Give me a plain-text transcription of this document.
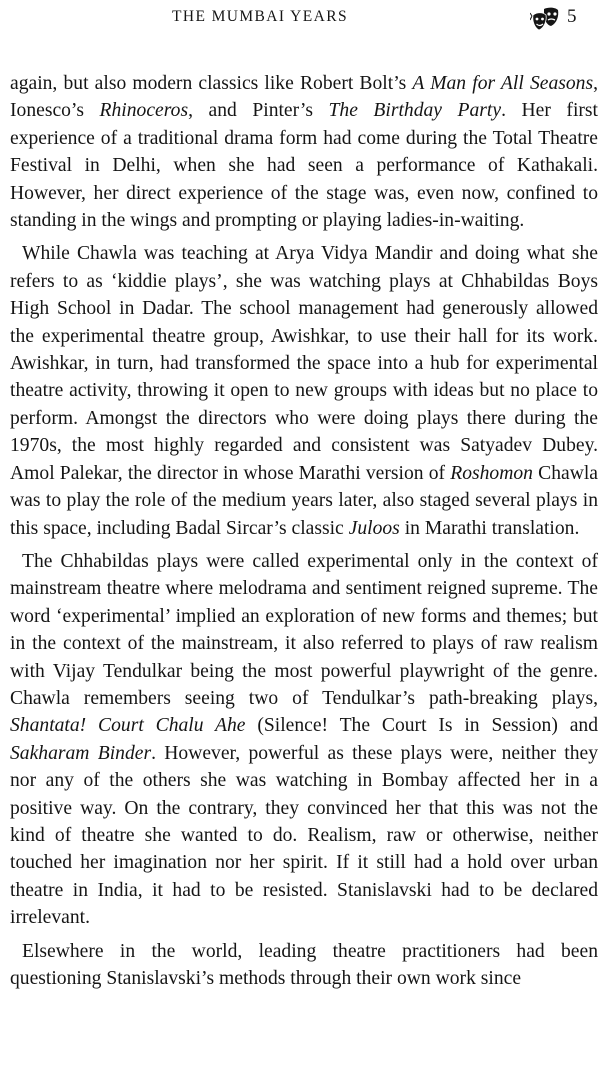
THE MUMBAI YEARS	5

again, but also modern classics like Robert Bolt’s A Man for All Seasons, Ionesco’s Rhinoceros, and Pinter’s The Birthday Party. Her first experience of a traditional drama form had come during the Total Theatre Festival in Delhi, when she had seen a performance of Kathakali. However, her direct experience of the stage was, even now, confined to standing in the wings and prompting or playing ladies-in-waiting.

While Chawla was teaching at Arya Vidya Mandir and doing what she refers to as ‘kiddie plays’, she was watching plays at Chhabildas Boys High School in Dadar. The school management had generously allowed the experimental theatre group, Awishkar, to use their hall for its work. Awishkar, in turn, had transformed the space into a hub for experimental theatre activity, throwing it open to new groups with ideas but no place to perform. Amongst the directors who were doing plays there during the 1970s, the most highly regarded and consistent was Satyadev Dubey. Amol Palekar, the director in whose Marathi version of Roshomon Chawla was to play the role of the medium years later, also staged several plays in this space, including Badal Sircar’s classic Juloos in Marathi translation.

The Chhabildas plays were called experimental only in the context of mainstream theatre where melodrama and sentiment reigned supreme. The word ‘experimental’ implied an exploration of new forms and themes; but in the context of the mainstream, it also referred to plays of raw realism with Vijay Tendulkar being the most powerful playwright of the genre. Chawla remembers seeing two of Tendulkar’s path-breaking plays, Shantata! Court Chalu Ahe (Silence! The Court Is in Session) and Sakharam Binder. However, powerful as these plays were, neither they nor any of the others she was watching in Bombay affected her in a positive way. On the contrary, they convinced her that this was not the kind of theatre she wanted to do. Realism, raw or otherwise, neither touched her imagination nor her spirit. If it still had a hold over urban theatre in India, it had to be resisted. Stanislavski had to be declared irrelevant.

Elsewhere in the world, leading theatre practitioners had been questioning Stanislavski’s methods through their own work since
